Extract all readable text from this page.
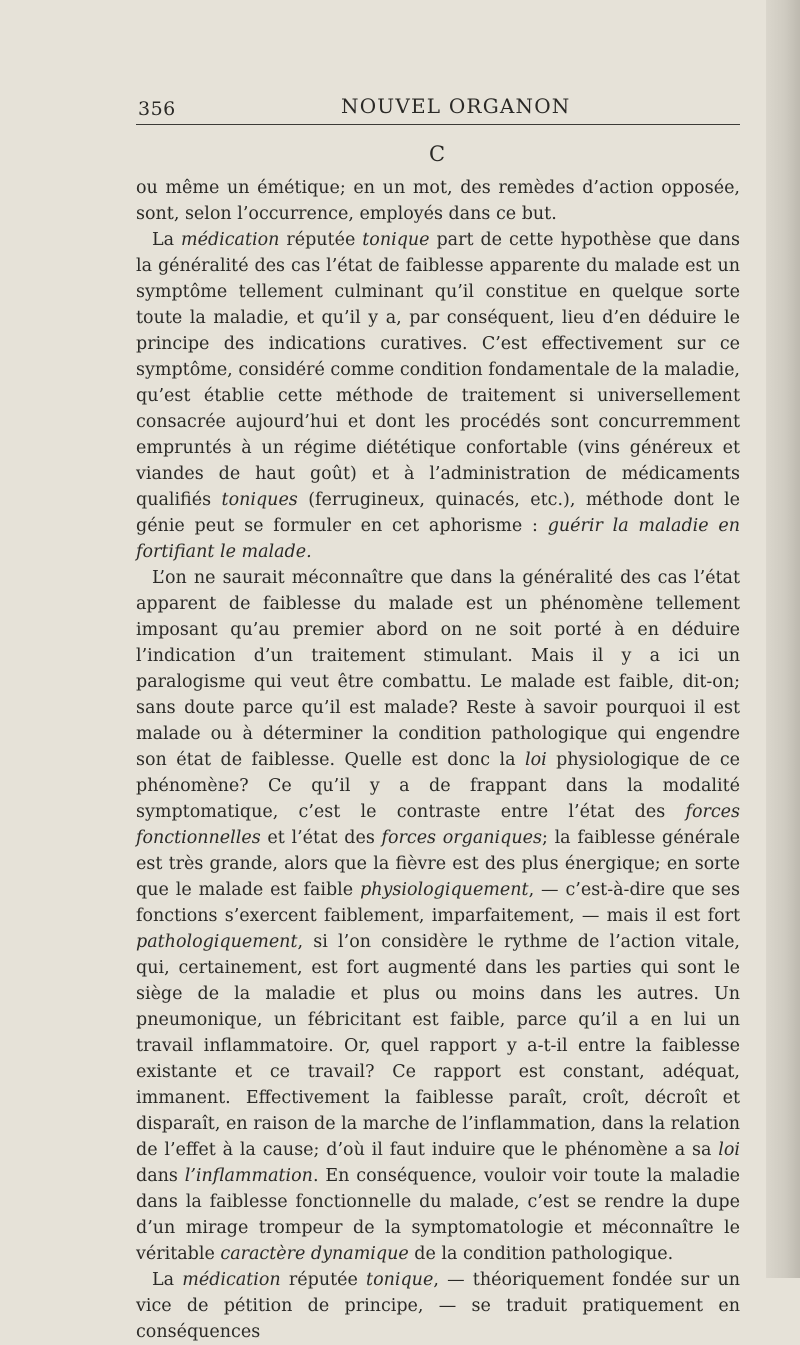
356	NOUVEL ORGANON
C

ou même un émétique; en un mot, des remèdes d’action opposée, sont, selon l’occurrence, employés dans ce but.

La médication réputée tonique part de cette hypothèse que dans la généralité des cas l’état de faiblesse apparente du malade est un symptôme tellement culminant qu’il constitue en quelque sorte toute la maladie, et qu’il y a, par conséquent, lieu d’en déduire le principe des indications curatives. C’est effectivement sur ce symptôme, considéré comme condition fondamentale de la maladie, qu’est établie cette méthode de traitement si universellement consacrée aujourd’hui et dont les procédés sont concurremment empruntés à un régime diététique confortable (vins généreux et viandes de haut goût) et à l’administration de médicaments qualifiés toniques (ferrugineux, quinacés, etc.), méthode dont le génie peut se formuler en cet aphorisme : guérir la maladie en fortifiant le malade.

L’on ne saurait méconnaître que dans la généralité des cas l’état apparent de faiblesse du malade est un phénomène tellement imposant qu’au premier abord on ne soit porté à en déduire l’indication d’un traitement stimulant. Mais il y a ici un paralogisme qui veut être combattu. Le malade est faible, dit-on; sans doute parce qu’il est malade? Reste à savoir pourquoi il est malade ou à déterminer la condition pathologique qui engendre son état de faiblesse. Quelle est donc la loi physiologique de ce phénomène? Ce qu’il y a de frappant dans la modalité symptomatique, c’est le contraste entre l’état des forces fonctionnelles et l’état des forces organiques; la faiblesse générale est très grande, alors que la fièvre est des plus énergique; en sorte que le malade est faible physiologiquement, — c’est-à-dire que ses fonctions s’exercent faiblement, imparfaitement, — mais il est fort pathologiquement, si l’on considère le rythme de l’action vitale, qui, certainement, est fort augmenté dans les parties qui sont le siège de la maladie et plus ou moins dans les autres. Un pneumonique, un fébricitant est faible, parce qu’il a en lui un travail inflammatoire. Or, quel rapport y a-t-il entre la faiblesse existante et ce travail? Ce rapport est constant, adéquat, immanent. Effectivement la faiblesse paraît, croît, décroît et disparaît, en raison de la marche de l’inflammation, dans la relation de l’effet à la cause; d’où il faut induire que le phénomène a sa loi dans l’inflammation. En conséquence, vouloir voir toute la maladie dans la faiblesse fonctionnelle du malade, c’est se rendre la dupe d’un mirage trompeur de la symptomatologie et méconnaître le véritable caractère dynamique de la condition pathologique.

La médication réputée tonique, — théoriquement fondée sur un vice de pétition de principe, — se traduit pratiquement en conséquences
